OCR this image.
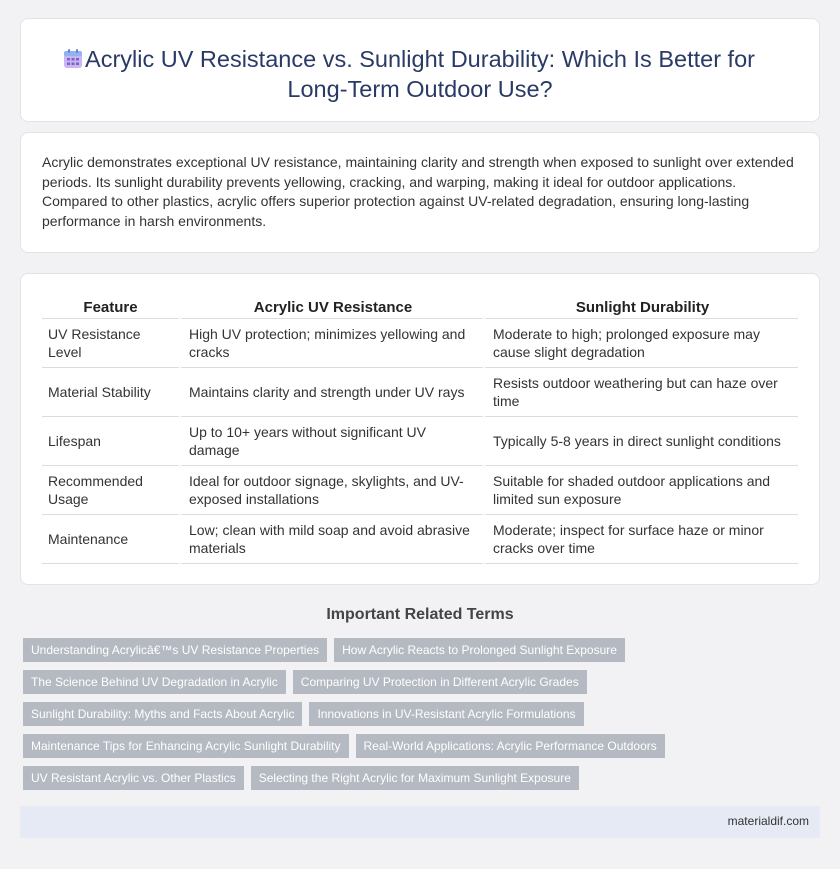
Acrylic UV Resistance vs. Sunlight Durability: Which Is Better for Long-Term Outdoor Use?

Acrylic demonstrates exceptional UV resistance, maintaining clarity and strength when exposed to sunlight over extended periods. Its sunlight durability prevents yellowing, cracking, and warping, making it ideal for outdoor applications. Compared to other plastics, acrylic offers superior protection against UV-related degradation, ensuring long-lasting performance in harsh environments.

Feature	Acrylic UV Resistance	Sunlight Durability
UV Resistance Level	High UV protection; minimizes yellowing and cracks	Moderate to high; prolonged exposure may cause slight degradation
Material Stability	Maintains clarity and strength under UV rays	Resists outdoor weathering but can haze over time
Lifespan	Up to 10+ years without significant UV damage	Typically 5-8 years in direct sunlight conditions
Recommended Usage	Ideal for outdoor signage, skylights, and UV-exposed installations	Suitable for shaded outdoor applications and limited sun exposure
Maintenance	Low; clean with mild soap and avoid abrasive materials	Moderate; inspect for surface haze or minor cracks over time
Important Related Terms
Understanding Acrylicâ€™s UV Resistance Properties	How Acrylic Reacts to Prolonged Sunlight Exposure
The Science Behind UV Degradation in Acrylic	Comparing UV Protection in Different Acrylic Grades
Sunlight Durability: Myths and Facts About Acrylic	Innovations in UV-Resistant Acrylic Formulations
Maintenance Tips for Enhancing Acrylic Sunlight Durability	Real-World Applications: Acrylic Performance Outdoors
UV Resistant Acrylic vs. Other Plastics	Selecting the Right Acrylic for Maximum Sunlight Exposure
materialdif.com
